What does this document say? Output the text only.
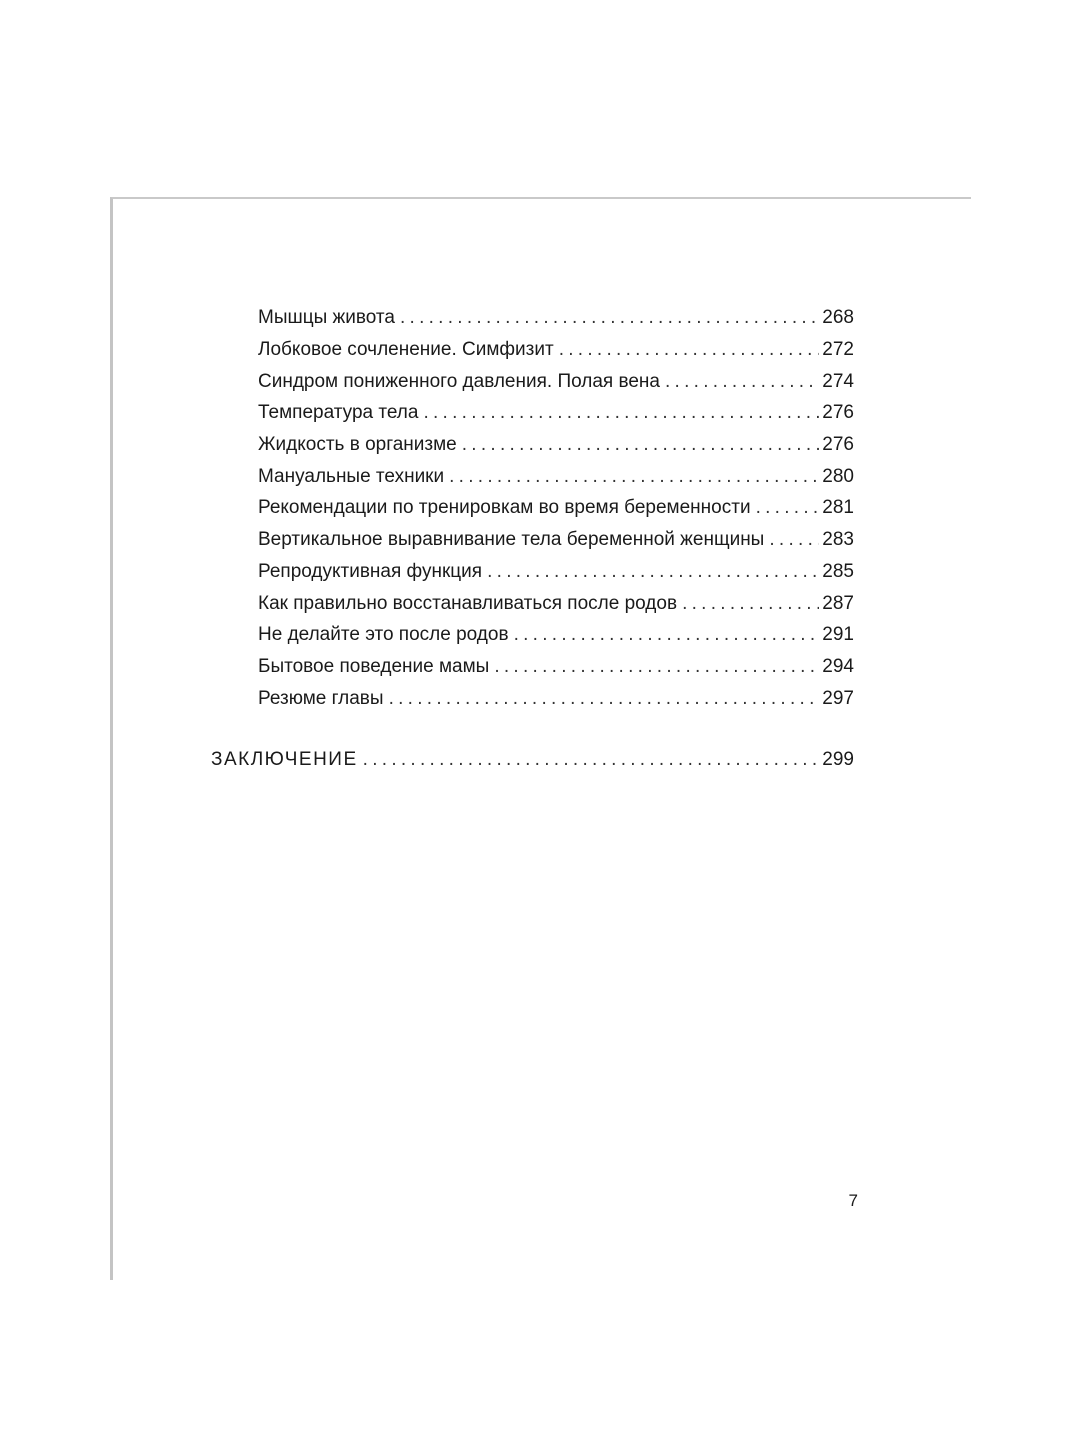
Мышцы живота . . .	268
Лобковое сочленение. Симфизит . . .	272
Синдром пониженного давления. Полая вена . . .	274
Температура тела . . .	276
Жидкость в организме . . .	276
Мануальные техники . . .	280
Рекомендации по тренировкам во время беременности . . .	281
Вертикальное выравнивание тела беременной женщины . . .	283
Репродуктивная функция . . .	285
Как правильно восстанавливаться после родов . . .	287
Не делайте это после родов . . .	291
Бытовое поведение мамы . . .	294
Резюме главы . . .	297
ЗАКЛЮЧЕНИЕ . . .	299
7
